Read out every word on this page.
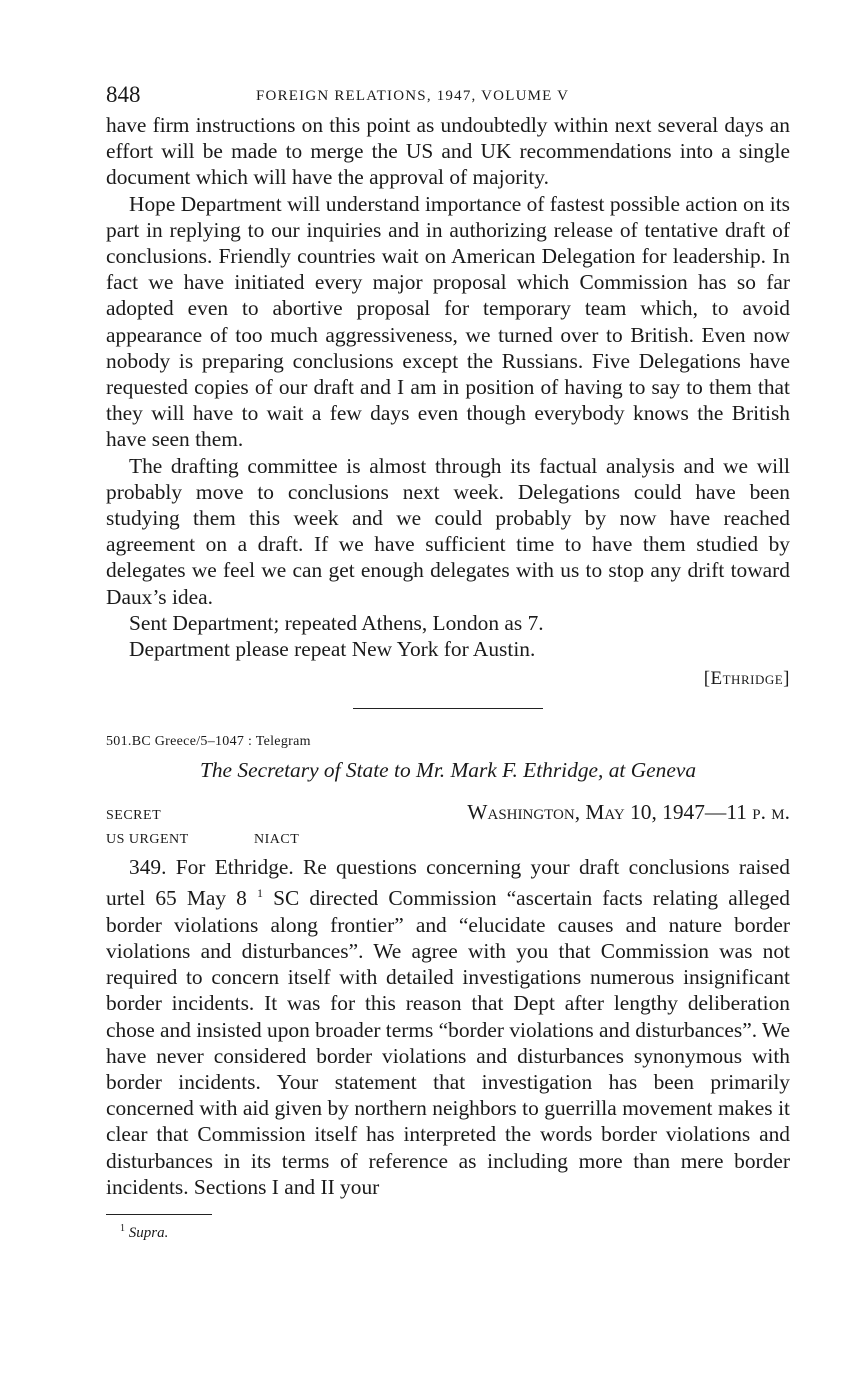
848	FOREIGN RELATIONS, 1947, VOLUME V

have firm instructions on this point as undoubtedly within next several days an effort will be made to merge the US and UK recommendations into a single document which will have the approval of majority.

Hope Department will understand importance of fastest possible action on its part in replying to our inquiries and in authorizing release of tentative draft of conclusions. Friendly countries wait on American Delegation for leadership. In fact we have initiated every major proposal which Commission has so far adopted even to abortive proposal for temporary team which, to avoid appearance of too much aggressiveness, we turned over to British. Even now nobody is preparing conclusions except the Russians. Five Delegations have requested copies of our draft and I am in position of having to say to them that they will have to wait a few days even though everybody knows the British have seen them.

The drafting committee is almost through its factual analysis and we will probably move to conclusions next week. Delegations could have been studying them this week and we could probably by now have reached agreement on a draft. If we have sufficient time to have them studied by delegates we feel we can get enough delegates with us to stop any drift toward Daux’s idea.

Sent Department; repeated Athens, London as 7.

Department please repeat New York for Austin.

[Ethridge]

501.BC Greece/5–1047 : Telegram

The Secretary of State to Mr. Mark F. Ethridge, at Geneva

SECRET	Washington, May 10, 1947—11 p. m.
US URGENT	NIACT

349. For Ethridge. Re questions concerning your draft conclusions raised urtel 65 May 8 $^1$ SC directed Commission “ascertain facts relating alleged border violations along frontier” and “elucidate causes and nature border violations and disturbances”. We agree with you that Commission was not required to concern itself with detailed investigations numerous insignificant border incidents. It was for this reason that Dept after lengthy deliberation chose and insisted upon broader terms “border violations and disturbances”. We have never considered border violations and disturbances synonymous with border incidents. Your statement that investigation has been primarily concerned with aid given by northern neighbors to guerrilla movement makes it clear that Commission itself has interpreted the words border violations and disturbances in its terms of reference as including more than mere border incidents. Sections I and II your

$^1$ Supra.
